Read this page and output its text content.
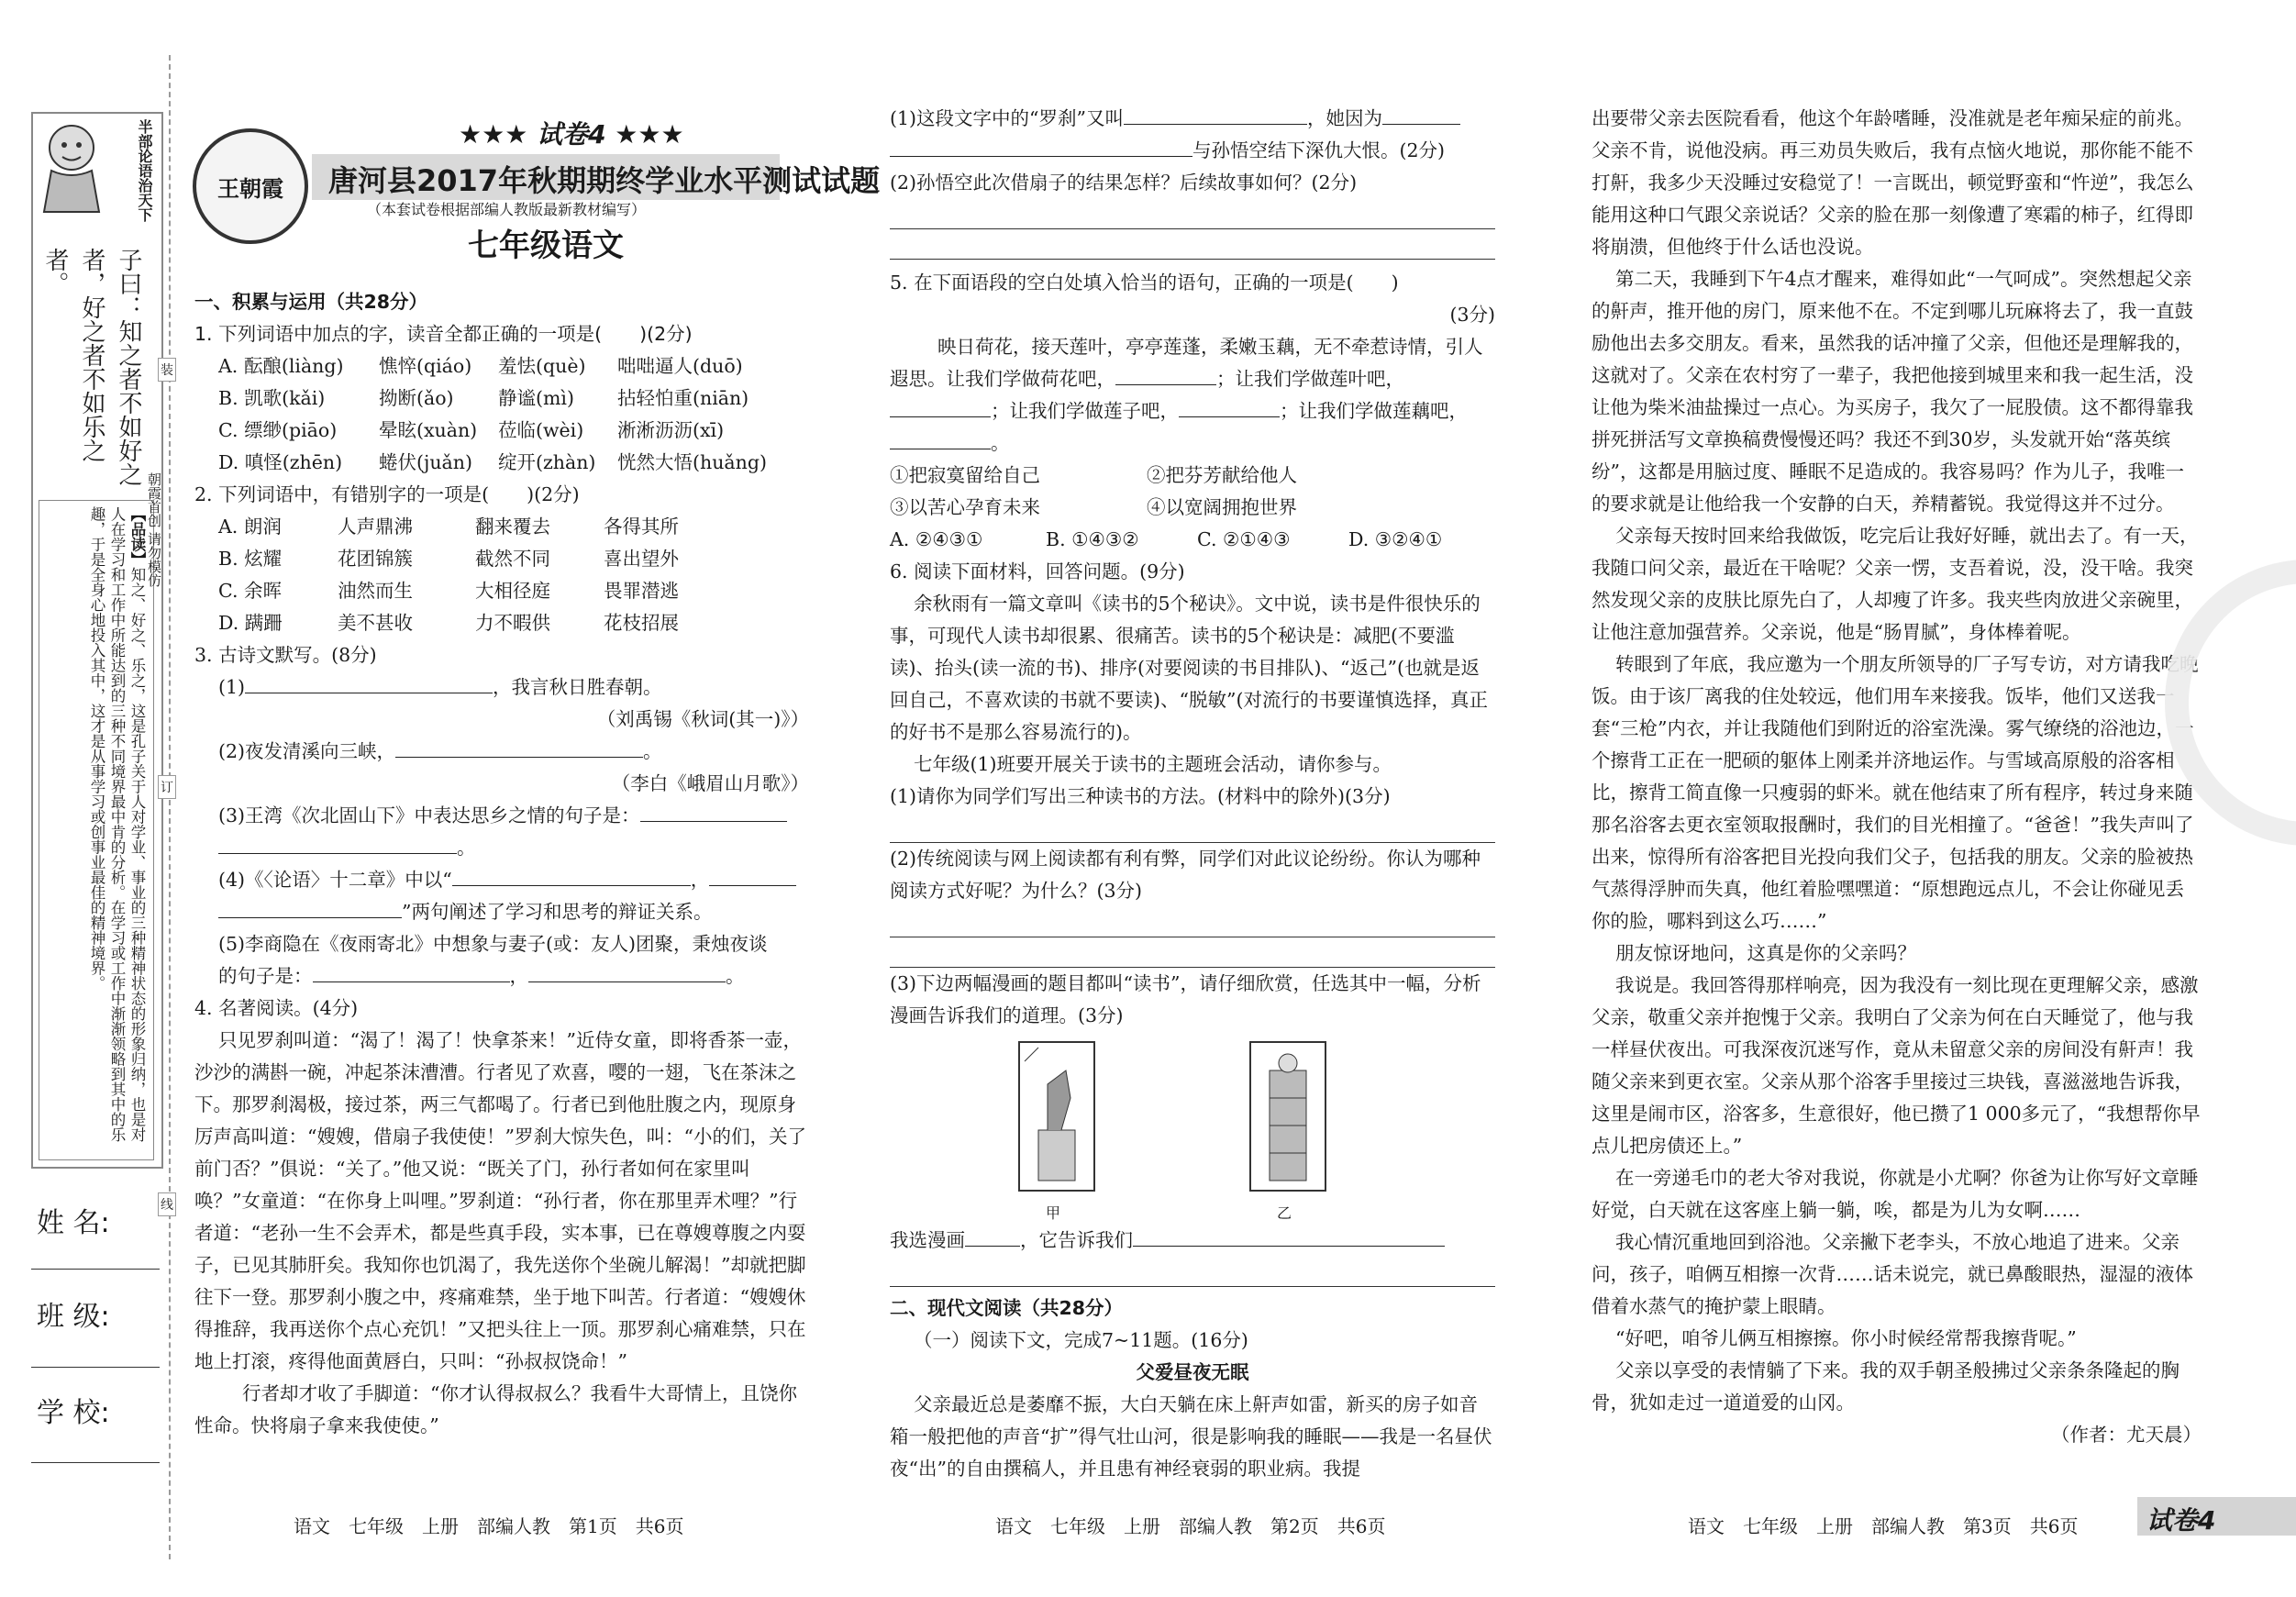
半部论语治天下
子曰：知之者不如好之者，好之者不如乐之者。
【品读】知之、好之、乐之，这是孔子关于人对学业、事业的三种精神状态的形象归纳，也是对人在学习和工作中所能达到的三种不同境界最中肯的分析。在学习或工作中渐渐领略到其中的乐趣，于是全身心地投入其中，这才是从事学习或创事业最佳的精神境界。
姓 名:
班 级:
学 校:
装
订
线
朝霞首创 请勿模仿
王朝霞
★★★ 试卷4 ★★★
唐河县2017年秋期期终学业水平测试试题
（本套试卷根据部编人教版最新教材编写）
七年级语文

一、积累与运用（共28分）

1. 下列词语中加点的字，读音全都正确的一项是(　　)(2分)

A. 酝酿(liàng)	憔悴(qiáo)	羞怯(què)	咄咄逼人(duō)
B. 凯歌(kǎi)	拗断(ǎo)	静谧(mì)	拈轻怕重(niān)
C. 缥缈(piāo)	晕眩(xuàn)	莅临(wèi)	淅淅沥沥(xī)
D. 嗔怪(zhēn)	蜷伏(juǎn)	绽开(zhàn)	恍然大悟(huǎng)

2. 下列词语中，有错别字的一项是(　　)(2分)

A. 朗润	人声鼎沸	翻来覆去	各得其所
B. 炫耀	花团锦簇	截然不同	喜出望外
C. 余晖	油然而生	大相径庭	畏罪潜逃
D. 蹒跚	美不甚收	力不暇供	花枝招展

3. 古诗文默写。(8分)

(1)	，我言秋日胜春朝。

（刘禹锡《秋词(其一)》）

(2)夜发清溪向三峡，	。

（李白《峨眉山月歌》）

(3)王湾《次北固山下》中表达思乡之情的句子是：

。

(4)《〈论语〉十二章》中以“	，

”两句阐述了学习和思考的辩证关系。

(5)李商隐在《夜雨寄北》中想象与妻子(或：友人)团聚，秉烛夜谈

的句子是：	，	。

4. 名著阅读。(4分)

只见罗刹叫道：“渴了！渴了！快拿茶来！”近侍女童，即将香茶一壶，沙沙的满斟一碗，冲起茶沫漕漕。行者见了欢喜，嘤的一翅，飞在茶沫之下。那罗刹渴极，接过茶，两三气都喝了。行者已到他肚腹之内，现原身厉声高叫道：“嫂嫂，借扇子我使使！”罗刹大惊失色，叫：“小的们，关了前门否？”俱说：“关了。”他又说：“既关了门，孙行者如何在家里叫唤？”女童道：“在你身上叫哩。”罗刹道：“孙行者，你在那里弄术哩？”行者道：“老孙一生不会弄术，都是些真手段，实本事，已在尊嫂尊腹之内耍子，已见其肺肝矣。我知你也饥渴了，我先送你个坐碗儿解渴！”却就把脚往下一登。那罗刹小腹之中，疼痛难禁，坐于地下叫苦。行者道：“嫂嫂休得推辞，我再送你个点心充饥！”又把头往上一顶。那罗刹心痛难禁，只在地上打滚，疼得他面黄唇白，只叫：“孙叔叔饶命！”

行者却才收了手脚道：“你才认得叔叔么？我看牛大哥情上，且饶你性命。快将扇子拿来我使使。”

(1)这段文字中的“罗刹”又叫	，她因为

与孙悟空结下深仇大恨。(2分)

(2)孙悟空此次借扇子的结果怎样？后续故事如何？(2分)

5. 在下面语段的空白处填入恰当的语句，正确的一项是(　　)

(3分)

映日荷花，接天莲叶，亭亭莲蓬，柔嫩玉藕，无不牵惹诗情，引人遐思。让我们学做荷花吧，	；让我们学做莲叶吧，；让我们学做莲子吧，	；让我们学做莲藕吧，。

①把寂寞留给自己	②把芬芳献给他人
③以苦心孕育未来	④以宽阔拥抱世界
A. ②④③①	B. ①④③②	C. ②①④③	D. ③②④①

6. 阅读下面材料，回答问题。(9分)

余秋雨有一篇文章叫《读书的5个秘诀》。文中说，读书是件很快乐的事，可现代人读书却很累、很痛苦。读书的5个秘诀是：减肥(不要滥读)、抬头(读一流的书)、排序(对要阅读的书目排队)、“返己”(也就是返回自己，不喜欢读的书就不要读)、“脱敏”(对流行的书要谨慎选择，真正的好书不是那么容易流行的)。

七年级(1)班要开展关于读书的主题班会活动，请你参与。

(1)请你为同学们写出三种读书的方法。(材料中的除外)(3分)

(2)传统阅读与网上阅读都有利有弊，同学们对此议论纷纷。你认为哪种阅读方式好呢？为什么？(3分)

(3)下边两幅漫画的题目都叫“读书”，请仔细欣赏，任选其中一幅，分析漫画告诉我们的道理。(3分)

甲	乙

我选漫画	，它告诉我们

二、现代文阅读（共28分）

（一）阅读下文，完成7~11题。(16分)

父爱昼夜无眠

父亲最近总是萎靡不振，大白天躺在床上鼾声如雷，新买的房子如音箱一般把他的声音“扩”得气壮山河，很是影响我的睡眠——我是一名昼伏夜“出”的自由撰稿人，并且患有神经衰弱的职业病。我提

出要带父亲去医院看看，他这个年龄嗜睡，没准就是老年痴呆症的前兆。父亲不肯，说他没病。再三劝员失败后，我有点恼火地说，那你能不能不打鼾，我多少天没睡过安稳觉了！一言既出，顿觉野蛮和“忤逆”，我怎么能用这种口气跟父亲说话？父亲的脸在那一刻像遭了寒霜的柿子，红得即将崩溃，但他终于什么话也没说。

第二天，我睡到下午4点才醒来，难得如此“一气呵成”。突然想起父亲的鼾声，推开他的房门，原来他不在。不定到哪儿玩麻将去了，我一直鼓励他出去多交朋友。看来，虽然我的话冲撞了父亲，但他还是理解我的，这就对了。父亲在农村穷了一辈子，我把他接到城里来和我一起生活，没让他为柴米油盐操过一点心。为买房子，我欠了一屁股债。这不都得靠我拼死拼活写文章换稿费慢慢还吗？我还不到30岁，头发就开始“落英缤纷”，这都是用脑过度、睡眠不足造成的。我容易吗？作为儿子，我唯一的要求就是让他给我一个安静的白天，养精蓄锐。我觉得这并不过分。

父亲每天按时回来给我做饭，吃完后让我好好睡，就出去了。有一天，我随口问父亲，最近在干啥呢？父亲一愣，支吾着说，没，没干啥。我突然发现父亲的皮肤比原先白了，人却瘦了许多。我夹些肉放进父亲碗里，让他注意加强营养。父亲说，他是“肠胃腻”，身体棒着呢。

转眼到了年底，我应邀为一个朋友所领导的厂子写专访，对方请我吃晚饭。由于该厂离我的住处较远，他们用车来接我。饭毕，他们又送我一套“三枪”内衣，并让我随他们到附近的浴室洗澡。雾气缭绕的浴池边，一个擦背工正在一肥硕的躯体上刚柔并济地运作。与雪域高原般的浴客相比，擦背工简直像一只瘦弱的虾米。就在他结束了所有程序，转过身来随那名浴客去更衣室领取报酬时，我们的目光相撞了。“爸爸！”我失声叫了出来，惊得所有浴客把目光投向我们父子，包括我的朋友。父亲的脸被热气蒸得浮肿而失真，他红着脸嘿嘿道：“原想跑远点儿，不会让你碰见丢你的脸，哪料到这么巧……”

朋友惊讶地问，这真是你的父亲吗？

我说是。我回答得那样响亮，因为我没有一刻比现在更理解父亲，感激父亲，敬重父亲并抱愧于父亲。我明白了父亲为何在白天睡觉了，他与我一样昼伏夜出。可我深夜沉迷写作，竟从未留意父亲的房间没有鼾声！我随父亲来到更衣室。父亲从那个浴客手里接过三块钱，喜滋滋地告诉我，这里是闹市区，浴客多，生意很好，他已攒了1 000多元了，“我想帮你早点儿把房债还上。”

在一旁递毛巾的老大爷对我说，你就是小尤啊？你爸为让你写好文章睡好觉，白天就在这客座上躺一躺，唉，都是为儿为女啊……

我心情沉重地回到浴池。父亲撇下老李头，不放心地追了进来。父亲问，孩子，咱俩互相擦一次背……话未说完，就已鼻酸眼热，湿湿的液体借着水蒸气的掩护蒙上眼睛。

“好吧，咱爷儿俩互相擦擦。你小时候经常帮我擦背呢。”

父亲以享受的表情躺了下来。我的双手朝圣般拂过父亲条条隆起的胸骨，犹如走过一道道爱的山冈。

（作者：尤天晨）

语文　七年级　上册　部编人教　第1页　共6页	语文　七年级　上册　部编人教　第2页　共6页	语文　七年级　上册　部编人教　第3页　共6页	试卷4
